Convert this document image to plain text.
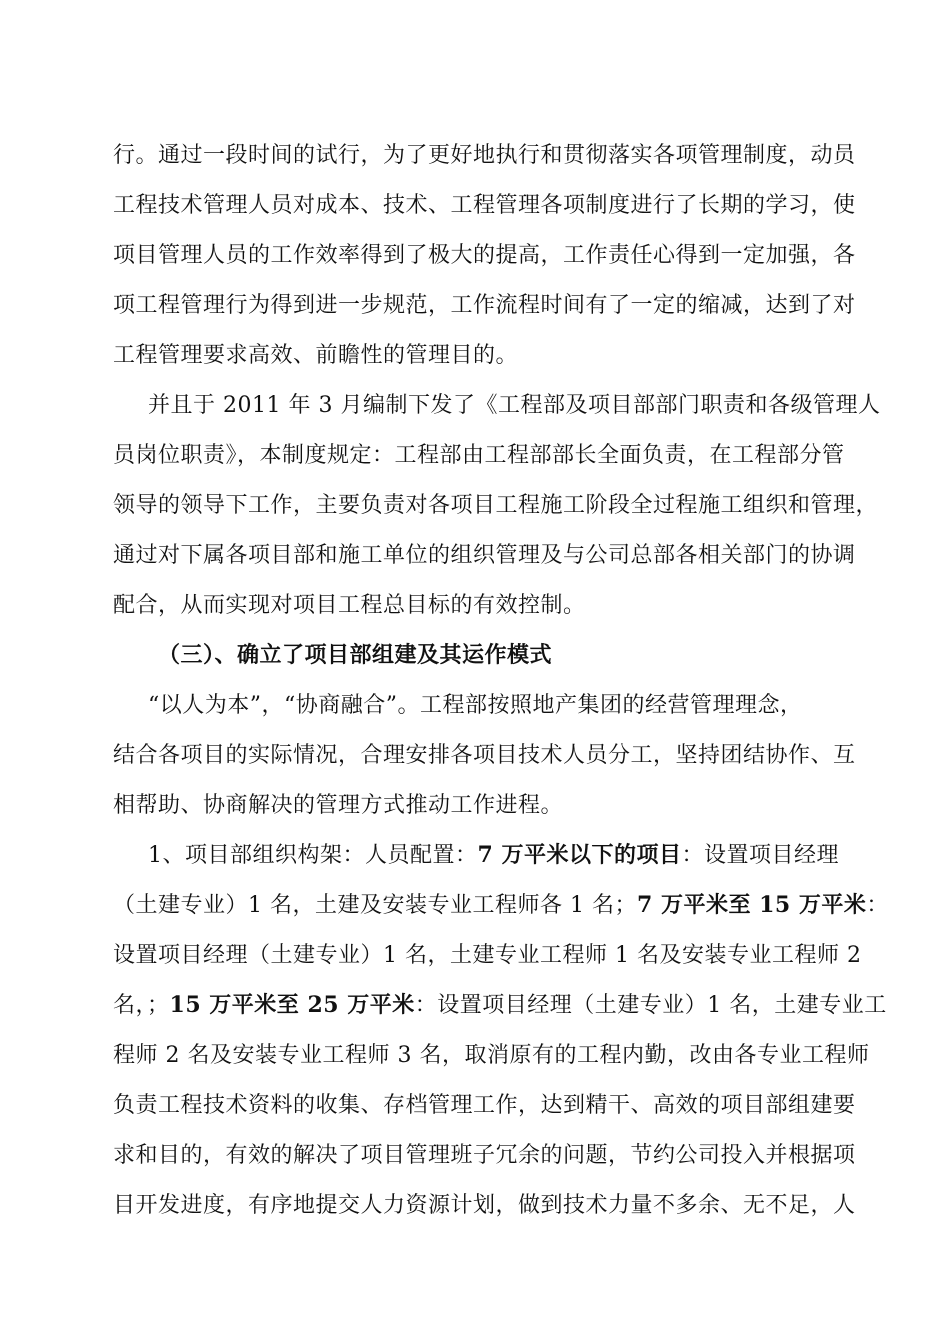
行。通过一段时间的试行，为了更好地执行和贯彻落实各项管理制度，动员
工程技术管理人员对成本、技术、工程管理各项制度进行了长期的学习，使
项目管理人员的工作效率得到了极大的提高，工作责任心得到一定加强，各
项工程管理行为得到进一步规范，工作流程时间有了一定的缩减，达到了对
工程管理要求高效、前瞻性的管理目的。
并且于 2011 年 3 月编制下发了《工程部及项目部部门职责和各级管理人
员岗位职责》，本制度规定：工程部由工程部部长全面负责，在工程部分管
领导的领导下工作，主要负责对各项目工程施工阶段全过程施工组织和管理，
通过对下属各项目部和施工单位的组织管理及与公司总部各相关部门的协调
配合，从而实现对项目工程总目标的有效控制。
（三）、确立了项目部组建及其运作模式
“以人为本”，“协商融合”。工程部按照地产集团的经营管理理念，
结合各项目的实际情况，合理安排各项目技术人员分工，坚持团结协作、互
相帮助、协商解决的管理方式推动工作进程。
1、项目部组织构架：人员配置：7 万平米以下的项目：设置项目经理
（土建专业）1 名，土建及安装专业工程师各 1 名；7 万平米至 15 万平米：
设置项目经理（土建专业）1 名，土建专业工程师 1 名及安装专业工程师 2
名，；15 万平米至 25 万平米：设置项目经理（土建专业）1 名，土建专业工
程师 2 名及安装专业工程师 3 名，取消原有的工程内勤，改由各专业工程师
负责工程技术资料的收集、存档管理工作，达到精干、高效的项目部组建要
求和目的，有效的解决了项目管理班子冗余的问题，节约公司投入并根据项
目开发进度，有序地提交人力资源计划，做到技术力量不多余、无不足，人
